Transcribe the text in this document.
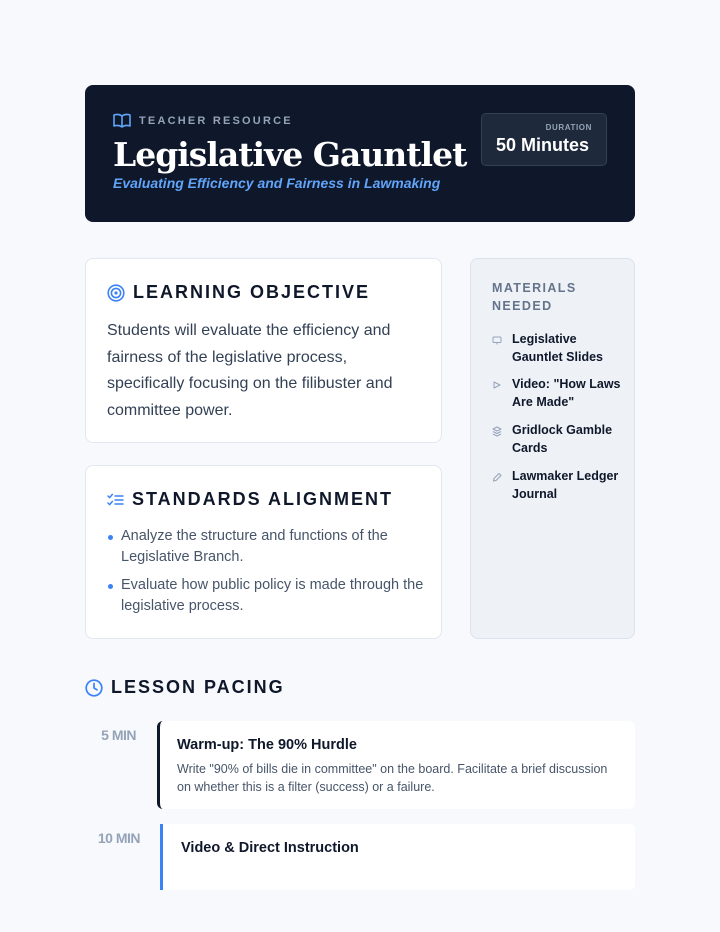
TEACHER RESOURCE
Legislative Gauntlet
Evaluating Efficiency and Fairness in Lawmaking
DURATION
50 Minutes
LEARNING OBJECTIVE

Students will evaluate the efficiency and fairness of the legislative process, specifically focusing on the filibuster and committee power.

STANDARDS ALIGNMENT
Analyze the structure and functions of the Legislative Branch.
Evaluate how public policy is made through the legislative process.
MATERIALS NEEDED
Legislative Gauntlet Slides
Video: "How Laws Are Made"
Gridlock Gamble Cards
Lawmaker Ledger Journal
LESSON PACING
5 MIN
Warm-up: The 90% Hurdle

Write "90% of bills die in committee" on the board. Facilitate a brief discussion on whether this is a filter (success) or a failure.

10 MIN
Video & Direct Instruction
